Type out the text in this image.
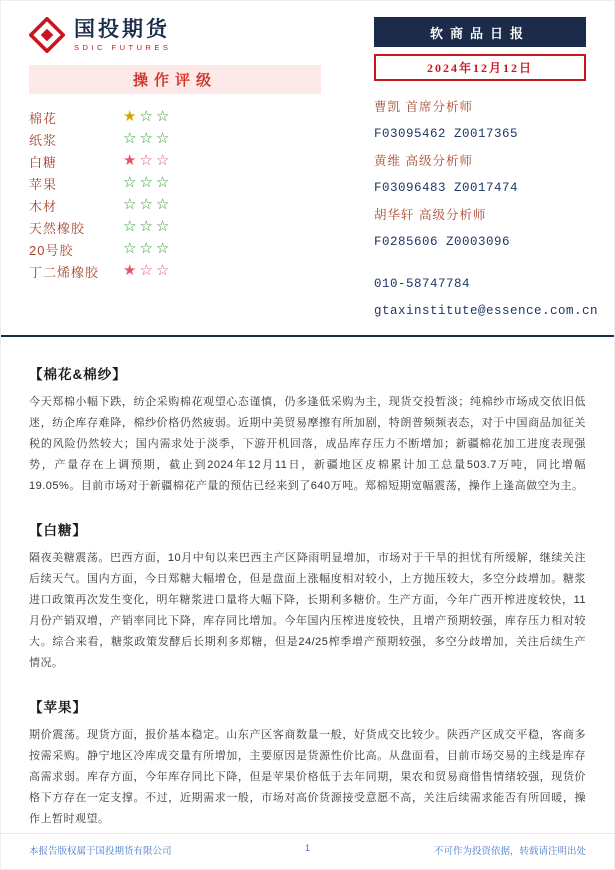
国投期货
SDIC FUTURES
操作评级
棉花	★ ☆ ☆
纸浆	☆ ☆ ☆
白糖	★ ☆ ☆
苹果	☆ ☆ ☆
木材	☆ ☆ ☆
天然橡胶	☆ ☆ ☆
20号胶	☆ ☆ ☆
丁二烯橡胶	★ ☆ ☆
软商品日报
2024年12月12日
曹凯 首席分析师
F03095462 Z0017365
黄维 高级分析师
F03096483 Z0017474
胡华轩 高级分析师
F0285606 Z0003096
010-58747784
gtaxinstitute@essence.com.cn
【棉花&棉纱】
今天郑棉小幅下跌，纺企采购棉花观望心态谨慎，仍多逢低采购为主，现货交投暂淡；纯棉纱市场成交依旧低迷，纺企库存难降，棉纱价格仍然疲弱。近期中美贸易摩擦有所加剧，特朗普频频表态，对于中国商品加征关税的风险仍然较大；国内需求处于淡季，下游开机回落，成品库存压力不断增加；新疆棉花加工进度表现强势，产量存在上调预期，截止到2024年12月11日，新疆地区皮棉累计加工总量503.7万吨，同比增幅19.05%。目前市场对于新疆棉花产量的预估已经来到了640万吨。郑棉短期宽幅震荡，操作上逢高做空为主。
【白糖】
隔夜美糖震荡。巴西方面，10月中旬以来巴西主产区降雨明显增加，市场对于干旱的担忧有所缓解，继续关注后续天气。国内方面，今日郑糖大幅增仓，但是盘面上涨幅度相对较小，上方抛压较大，多空分歧增加。糖浆进口政策再次发生变化，明年糖浆进口量将大幅下降，长期利多糖价。生产方面，今年广西开榨进度较快，11月份产销双增，产销率同比下降，库存同比增加。今年国内压榨进度较快，且增产预期较强，库存压力相对较大。综合来看，糖浆政策发酵后长期利多郑糖，但是24/25榨季增产预期较强，多空分歧增加，关注后续生产情况。
【苹果】
期价震荡。现货方面，报价基本稳定。山东产区客商数量一般，好货成交比较少。陕西产区成交平稳，客商多按需采购。静宁地区冷库成交量有所增加，主要原因是货源性价比高。从盘面看，目前市场交易的主线是库存高需求弱。库存方面，今年库存同比下降，但是苹果价格低于去年同期，果农和贸易商惜售情绪较强，现货价格下方存在一定支撑。不过，近期需求一般，市场对高价货源接受意愿不高，关注后续需求能否有所回暖，操作上暂时观望。
本报告版权属于国投期货有限公司	1	不可作为投资依据，转载请注明出处
